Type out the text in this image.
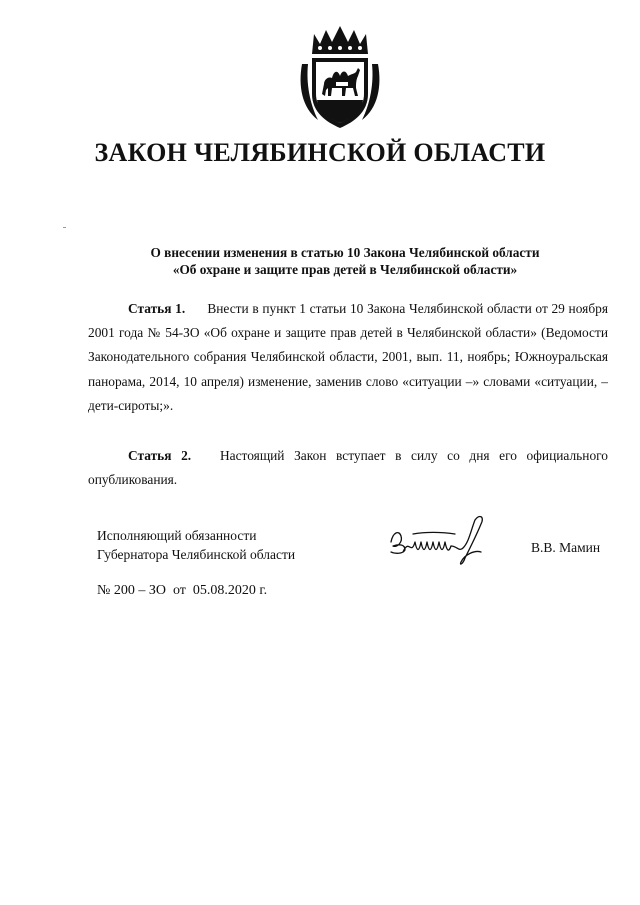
ЗАКОН ЧЕЛЯБИНСКОЙ ОБЛАСТИ
О внесении изменения в статью 10 Закона Челябинской области
«Об охране и защите прав детей в Челябинской области»

Статья 1. Внести в пункт 1 статьи 10 Закона Челябинской области от 29 ноября 2001 года № 54-ЗО «Об охране и защите прав детей в Челябинской области» (Ведомости Законодательного собрания Челябинской области, 2001, вып. 11, ноябрь; Южноуральская панорама, 2014, 10 апреля) изменение, заменив слово «ситуации –» словами «ситуации, – дети-сироты;».

Статья 2. Настоящий Закон вступает в силу со дня его официального опубликования.

Исполняющий обязанности
Губернатора Челябинской области	В.В. Мамин
№ 200 – ЗО  от  05.08.2020 г.
